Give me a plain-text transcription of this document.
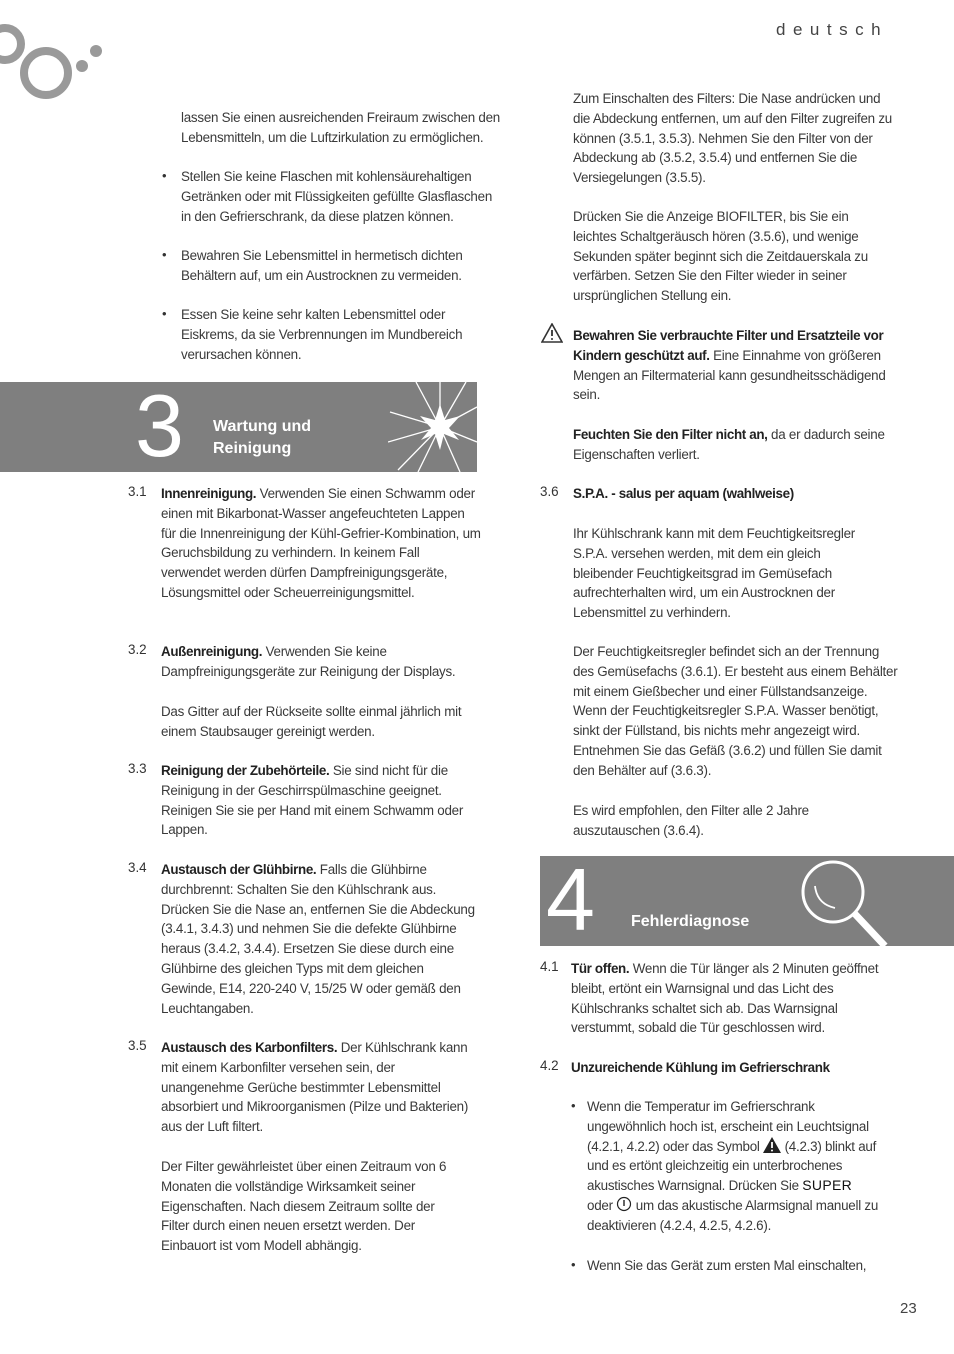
deutsch

lassen Sie einen ausreichenden Freiraum zwischen den Lebensmitteln, um die Luftzirkulation zu ermöglichen.

• Stellen Sie keine Flaschen mit kohlensäurehaltigen Getränken oder mit Flüssigkeiten gefüllte Glasflaschen in den Gefrierschrank, da diese platzen können.

• Bewahren Sie Lebensmittel in hermetisch dichten Behältern auf, um ein Austrocknen zu vermeiden.

• Essen Sie keine sehr kalten Lebensmittel oder Eiskrems, da sie Verbrennungen im Mundbereich verursachen können.

3 Wartung und
Reinigung
3.1 Innenreinigung. Verwenden Sie einen Schwamm oder einen mit Bikarbonat-Wasser angefeuchteten Lappen für die Innenreinigung der Kühl-Gefrier-Kombination, um Geruchsbildung zu verhindern. In keinem Fall verwendet werden dürfen Dampfreinigungsgeräte, Lösungsmittel oder Scheuerreinigungsmittel.

3.2 Außenreinigung. Verwenden Sie keine Dampfreinigungsgeräte zur Reinigung der Displays.

Das Gitter auf der Rückseite sollte einmal jährlich mit einem Staubsauger gereinigt werden.

3.3 Reinigung der Zubehörteile. Sie sind nicht für die Reinigung in der Geschirrspülmaschine geeignet. Reinigen Sie sie per Hand mit einem Schwamm oder Lappen.

3.4 Austausch der Glühbirne. Falls die Glühbirne durchbrennt: Schalten Sie den Kühlschrank aus. Drücken Sie die Nase an, entfernen Sie die Abdeckung (3.4.1, 3.4.3) und nehmen Sie die defekte Glühbirne heraus (3.4.2, 3.4.4). Ersetzen Sie diese durch eine Glühbirne des gleichen Typs mit dem gleichen Gewinde, E14, 220-240 V, 15/25 W oder gemäß den Leuchtangaben.

3.5 Austausch des Karbonfilters. Der Kühlschrank kann mit einem Karbonfilter versehen sein, der unangenehme Gerüche bestimmter Lebensmittel absorbiert und Mikroorganismen (Pilze und Bakterien) aus der Luft filtert.

Der Filter gewährleistet über einen Zeitraum von 6 Monaten die vollständige Wirksamkeit seiner Eigenschaften. Nach diesem Zeitraum sollte der Filter durch einen neuen ersetzt werden. Der Einbauort ist vom Modell abhängig.

Zum Einschalten des Filters: Die Nase andrücken und die Abdeckung entfernen, um auf den Filter zugreifen zu können (3.5.1, 3.5.3). Nehmen Sie den Filter von der Abdeckung ab (3.5.2, 3.5.4) und entfernen Sie die Versiegelungen (3.5.5).

Drücken Sie die Anzeige BIOFILTER, bis Sie ein leichtes Schaltgeräusch hören (3.5.6), und wenige Sekunden später beginnt sich die Zeitdauerskala zu verfärben. Setzen Sie den Filter wieder in seiner ursprünglichen Stellung ein.

Bewahren Sie verbrauchte Filter und Ersatzteile vor Kindern geschützt auf. Eine Einnahme von größeren Mengen an Filtermaterial kann gesundheitsschädigend sein.

Feuchten Sie den Filter nicht an, da er dadurch seine Eigenschaften verliert.

3.6 S.P.A. - salus per aquam (wahlweise)

Ihr Kühlschrank kann mit dem Feuchtigkeitsregler S.P.A. versehen werden, mit dem ein gleich bleibender Feuchtigkeitsgrad im Gemüsefach aufrechterhalten wird, um ein Austrocknen der Lebensmittel zu verhindern.

Der Feuchtigkeitsregler befindet sich an der Trennung des Gemüsefachs (3.6.1). Er besteht aus einem Behälter mit einem Gießbecher und einer Füllstandsanzeige. Wenn der Feuchtigkeitsregler S.P.A. Wasser benötigt, sinkt der Füllstand, bis nichts mehr angezeigt wird. Entnehmen Sie das Gefäß (3.6.2) und füllen Sie damit den Behälter auf (3.6.3).

Es wird empfohlen, den Filter alle 2 Jahre auszutauschen (3.6.4).

4 Fehlerdiagnose
4.1 Tür offen. Wenn die Tür länger als 2 Minuten geöffnet bleibt, ertönt ein Warnsignal und das Licht des Kühlschranks schaltet sich ab. Das Warnsignal verstummt, sobald die Tür geschlossen wird.

4.2 Unzureichende Kühlung im Gefrierschrank
• Wenn die Temperatur im Gefrierschrank ungewöhnlich hoch ist, erscheint ein Leuchtsignal (4.2.1, 4.2.2) oder das Symbol  (4.2.3) blinkt auf und es ertönt gleichzeitig ein unterbrochenes akustisches Warnsignal. Drücken Sie SUPER
oder  um das akustische Alarmsignal manuell zu deaktivieren (4.2.4, 4.2.5, 4.2.6).

• Wenn Sie das Gerät zum ersten Mal einschalten,

23
